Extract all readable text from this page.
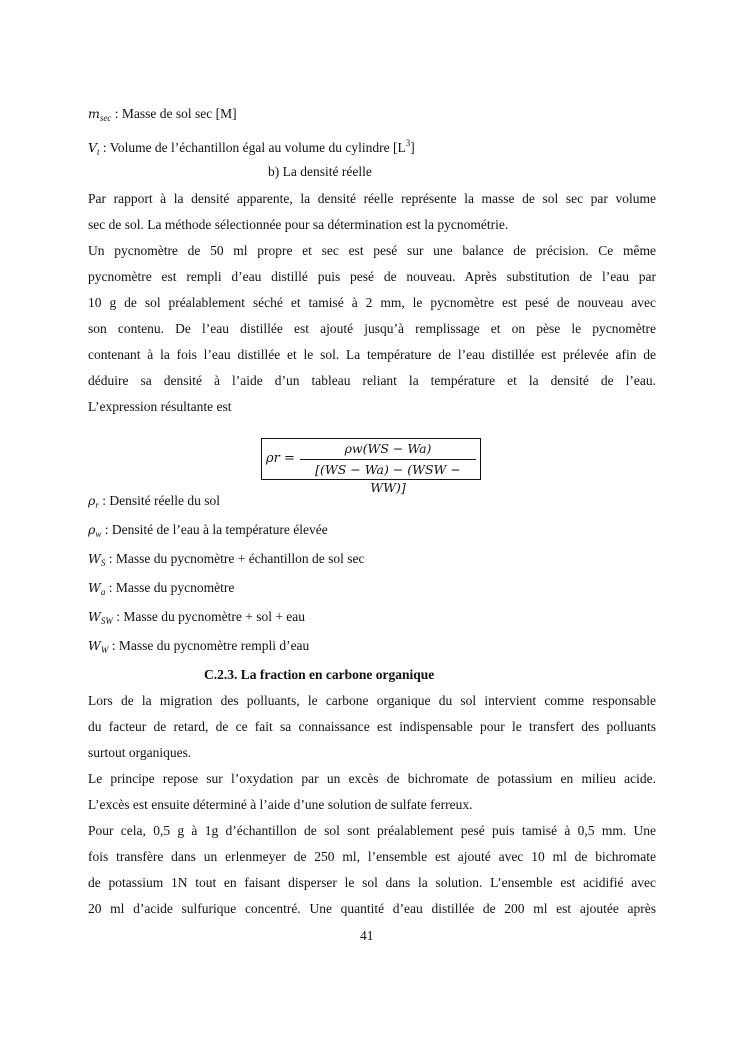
$m_{sec}$ : Masse de sol sec [M]
$V_t$ : Volume de l’échantillon égal au volume du cylindre $[L^3]$
b) La densité réelle
Par rapport à la densité apparente, la densité réelle représente la masse de sol sec par volume
sec de sol. La méthode sélectionnée pour sa détermination est la pycnométrie.
Un pycnomètre de 50 ml propre et sec est pesé sur une balance de précision. Ce même
pycnomètre est rempli d’eau distillé puis pesé de nouveau. Après substitution de l’eau par
10 g de sol préalablement séché et tamisé à 2 mm, le pycnomètre est pesé de nouveau avec
son contenu. De l’eau distillée est ajouté jusqu’à remplissage et on pèse le pycnomètre
contenant à la fois l’eau distillée et le sol. La température de l’eau distillée est prélevée afin de
déduire sa densité à l’aide d’un tableau reliant la température et la densité de l’eau.
L’expression résultante est
ρr =
ρw(WS − Wa)
[(WS − Wa) − (WSW − WW)]
$\rho_r$ : Densité réelle du sol
$\rho_w$ : Densité de l’eau à la température élevée
$W_S$ : Masse du pycnomètre + échantillon de sol sec
$W_a$ : Masse du pycnomètre
$W_{SW}$ : Masse du pycnomètre + sol + eau
$W_W$ : Masse du pycnomètre rempli d’eau
C.2.3. La fraction en carbone organique
Lors de la migration des polluants, le carbone organique du sol intervient comme responsable
du facteur de retard, de ce fait sa connaissance est indispensable pour le transfert des polluants
surtout organiques.
Le principe repose sur l’oxydation par un excès de bichromate de potassium en milieu acide.
L’excès est ensuite déterminé à l’aide d’une solution de sulfate ferreux.
Pour cela, 0,5 g à 1g d’échantillon de sol sont préalablement pesé puis tamisé à 0,5 mm. Une
fois transfère dans un erlenmeyer de 250 ml, l’ensemble est ajouté avec 10 ml de bichromate
de potassium 1N tout en faisant disperser le sol dans la solution. L’ensemble est acidifié avec
20 ml d’acide sulfurique concentré. Une quantité d’eau distillée de 200 ml est ajoutée après
41
